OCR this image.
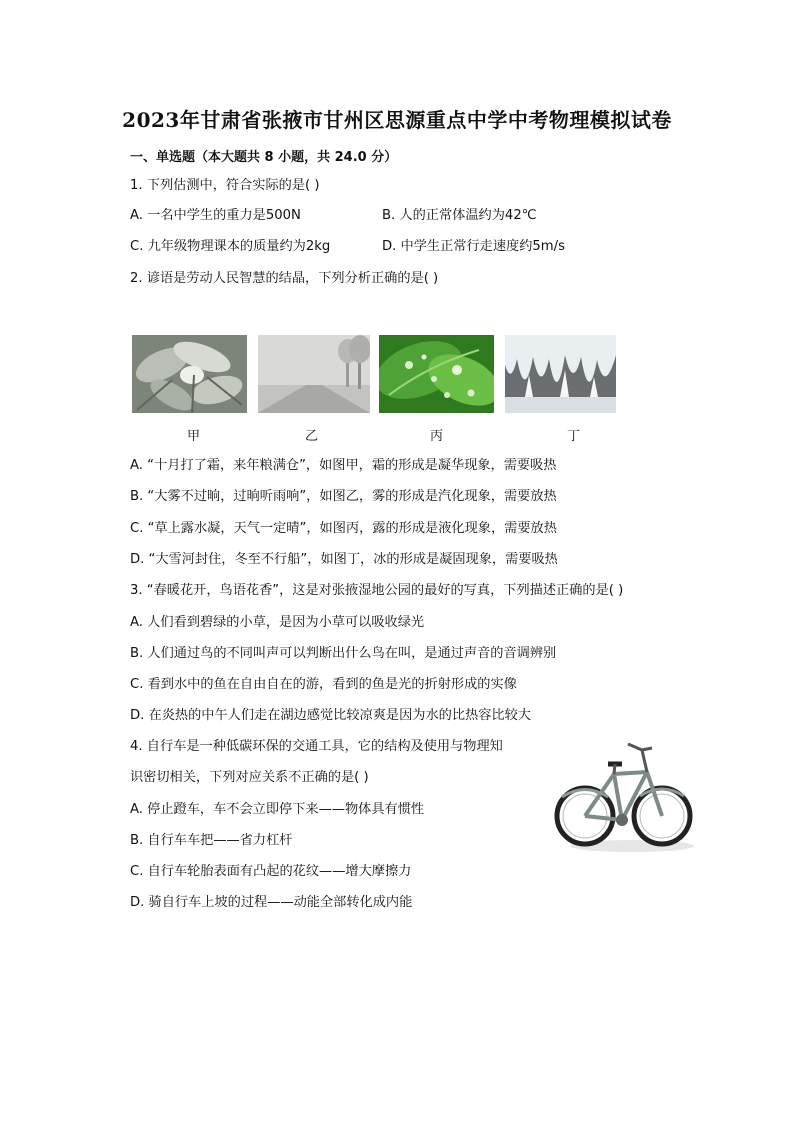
2023年甘肃省张掖市甘州区思源重点中学中考物理模拟试卷
一、单选题（本大题共 8 小题，共 24.0 分）
1. 下列估测中，符合实际的是( )
A. 一名中学生的重力是500N	B. 人的正常体温约为42℃
C. 九年级物理课本的质量约为2kg	D. 中学生正常行走速度约5m/s
2. 谚语是劳动人民智慧的结晶，下列分析正确的是( )
甲	乙	丙	丁
A. “十月打了霜，来年粮满仓”，如图甲，霜的形成是凝华现象，需要吸热
B. “大雾不过晌，过晌听雨响”，如图乙，雾的形成是汽化现象，需要放热
C. “草上露水凝，天气一定晴”，如图丙，露的形成是液化现象，需要放热
D. “大雪河封住，冬至不行船”，如图丁，冰的形成是凝固现象，需要吸热
3. “春暖花开，鸟语花香”，这是对张掖湿地公园的最好的写真，下列描述正确的是( )
A. 人们看到碧绿的小草，是因为小草可以吸收绿光
B. 人们通过鸟的不同叫声可以判断出什么鸟在叫，是通过声音的音调辨别
C. 看到水中的鱼在自由自在的游，看到的鱼是光的折射形成的实像
D. 在炎热的中午人们走在湖边感觉比较凉爽是因为水的比热容比较大
4. 自行车是一种低碳环保的交通工具，它的结构及使用与物理知
识密切相关，下列对应关系不正确的是( )
A. 停止蹬车，车不会立即停下来——物体具有惯性
B. 自行车车把——省力杠杆
C. 自行车轮胎表面有凸起的花纹——增大摩擦力
D. 骑自行车上坡的过程——动能全部转化成内能
